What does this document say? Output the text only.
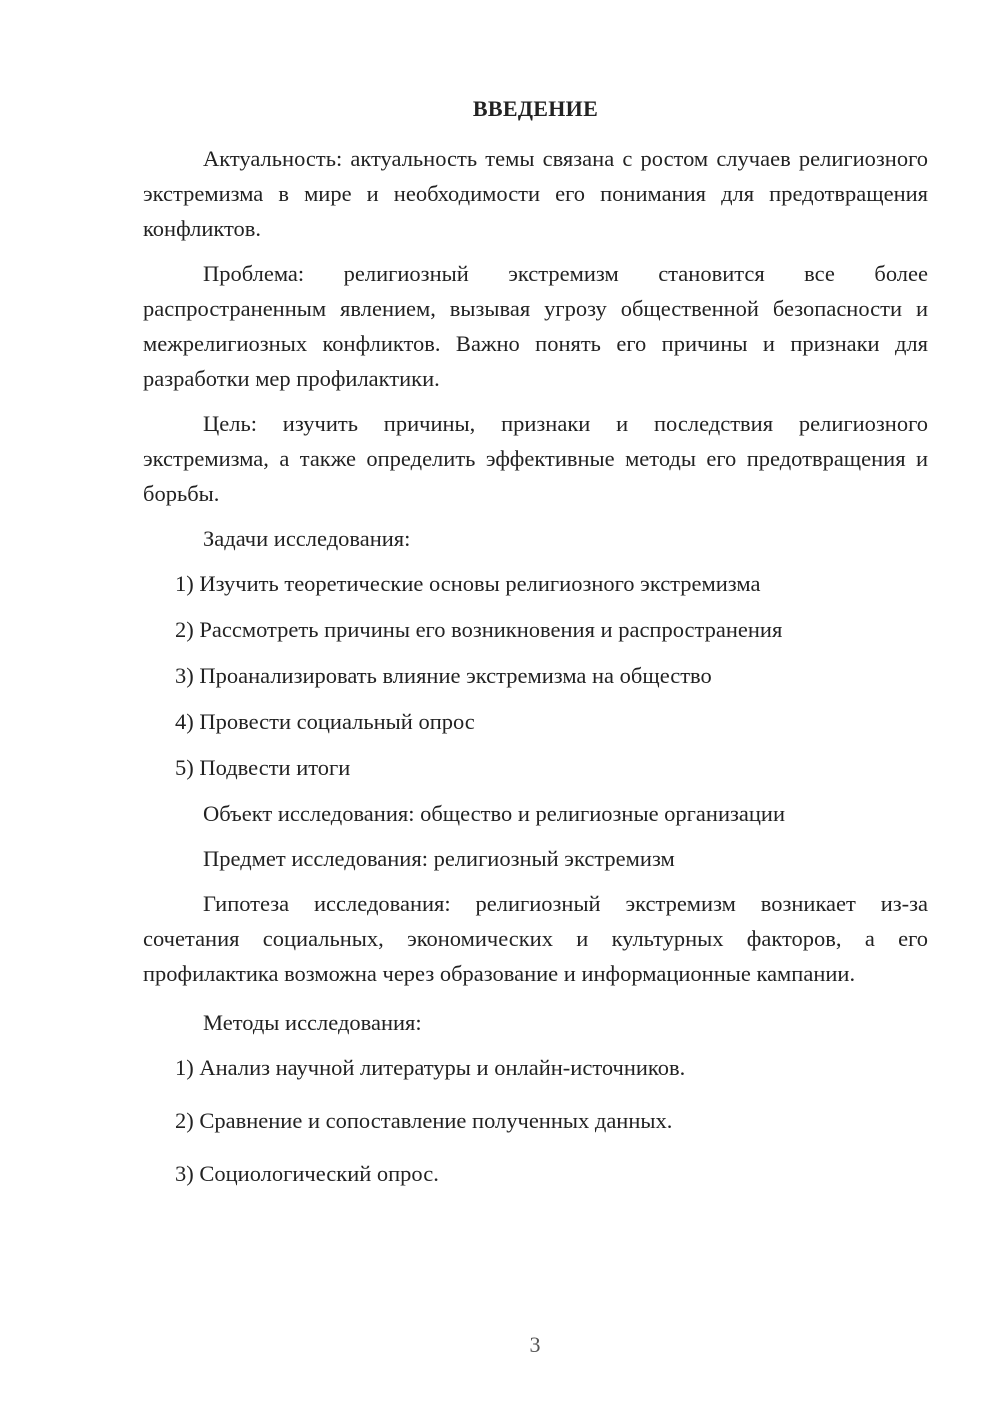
ВВЕДЕНИЕ

Актуальность: актуальность темы связана с ростом случаев религиозного экстремизма в мире и необходимости его понимания для предотвращения конфликтов.

Проблема: религиозный экстремизм становится все более распространенным явлением, вызывая угрозу общественной безопасности и межрелигиозных конфликтов. Важно понять его причины и признаки для разработки мер профилактики.

Цель: изучить причины, признаки и последствия религиозного экстремизма, а также определить эффективные методы его предотвращения и борьбы.

Задачи исследования:

1) Изучить теоретические основы религиозного экстремизма
2) Рассмотреть причины его возникновения и распространения
3) Проанализировать влияние экстремизма на общество
4) Провести социальный опрос
5) Подвести итоги

Объект исследования: общество и религиозные организации

Предмет исследования: религиозный экстремизм

Гипотеза исследования: религиозный экстремизм возникает из-за сочетания социальных, экономических и культурных факторов, а его профилактика возможна через образование и информационные кампании.

Методы исследования:

1) Анализ научной литературы и онлайн-источников.
2) Сравнение и сопоставление полученных данных.
3) Социологический опрос.
3
